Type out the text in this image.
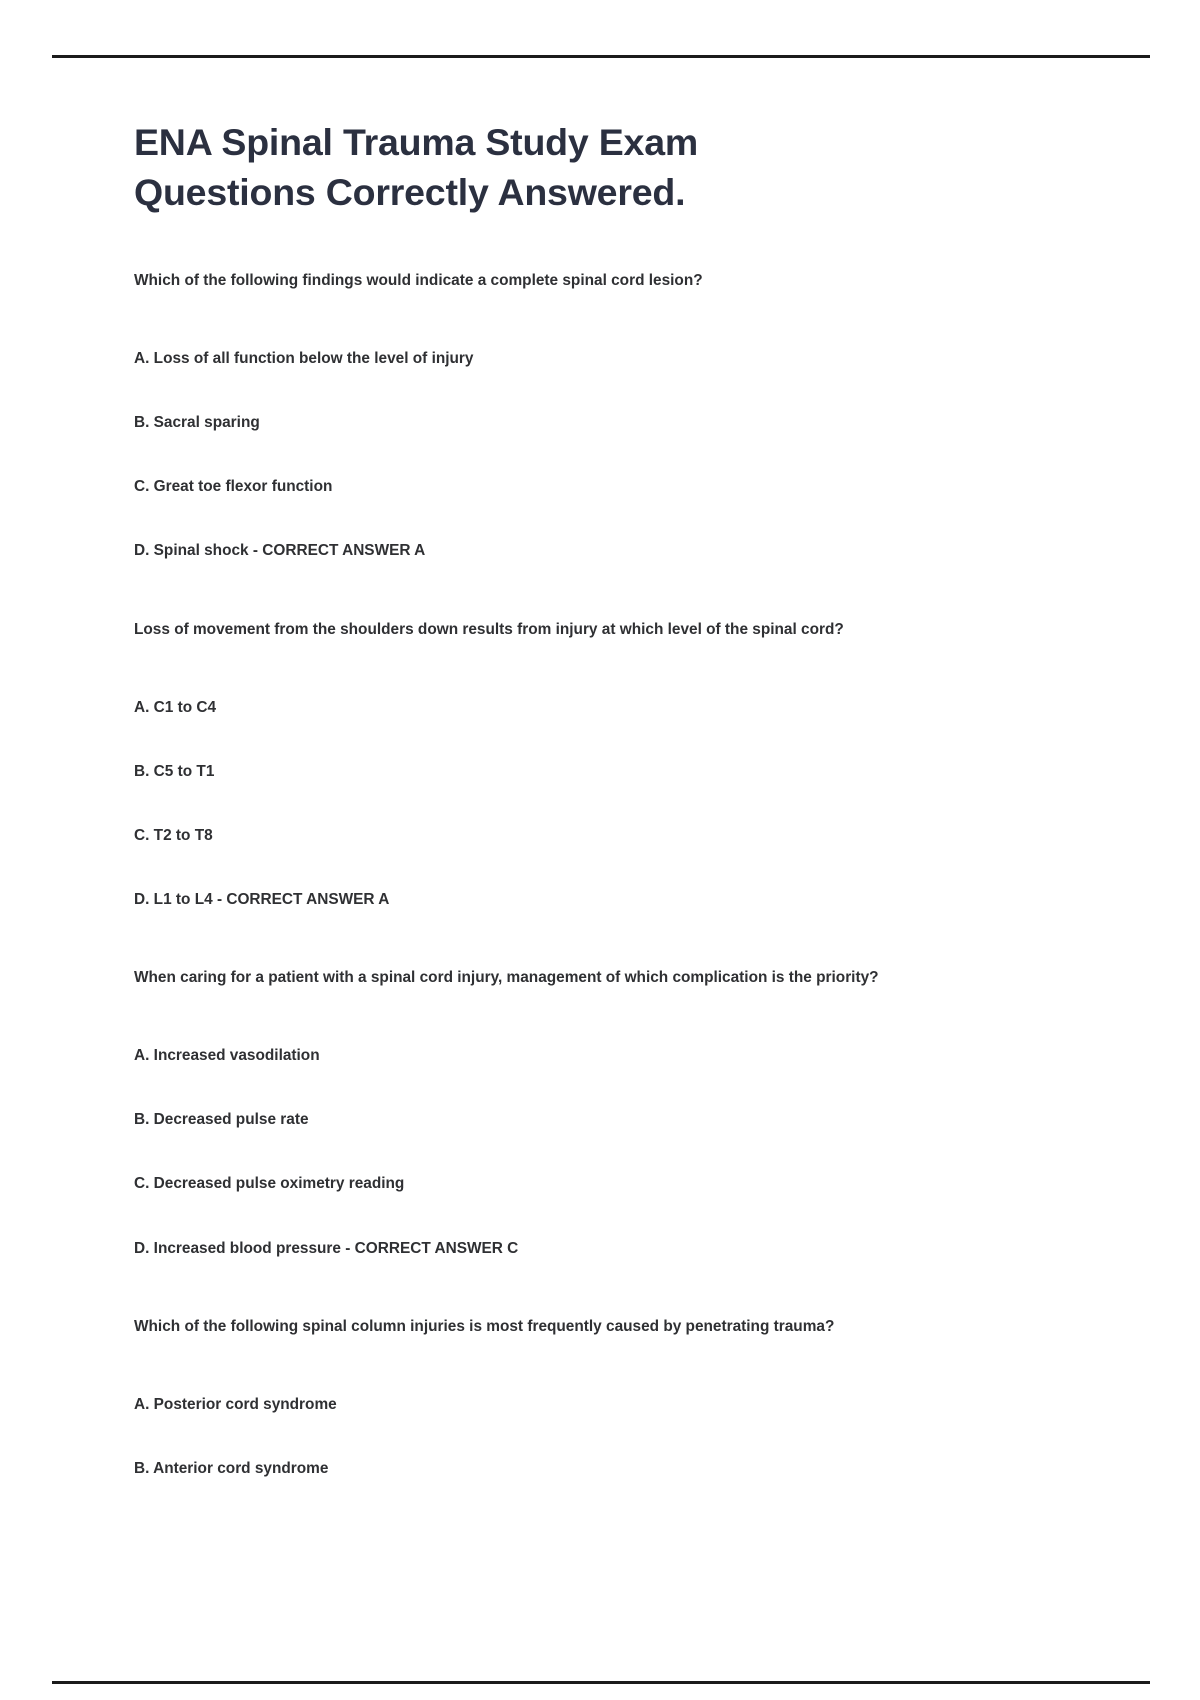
ENA Spinal Trauma Study Exam Questions Correctly Answered.
Which of the following findings would indicate a complete spinal cord lesion?
A. Loss of all function below the level of injury
B. Sacral sparing
C. Great toe flexor function
D. Spinal shock - CORRECT ANSWER A
Loss of movement from the shoulders down results from injury at which level of the spinal cord?
A. C1 to C4
B. C5 to T1
C. T2 to T8
D. L1 to L4 - CORRECT ANSWER A
When caring for a patient with a spinal cord injury, management of which complication is the priority?
A. Increased vasodilation
B. Decreased pulse rate
C. Decreased pulse oximetry reading
D. Increased blood pressure - CORRECT ANSWER C
Which of the following spinal column injuries is most frequently caused by penetrating trauma?
A. Posterior cord syndrome
B. Anterior cord syndrome
